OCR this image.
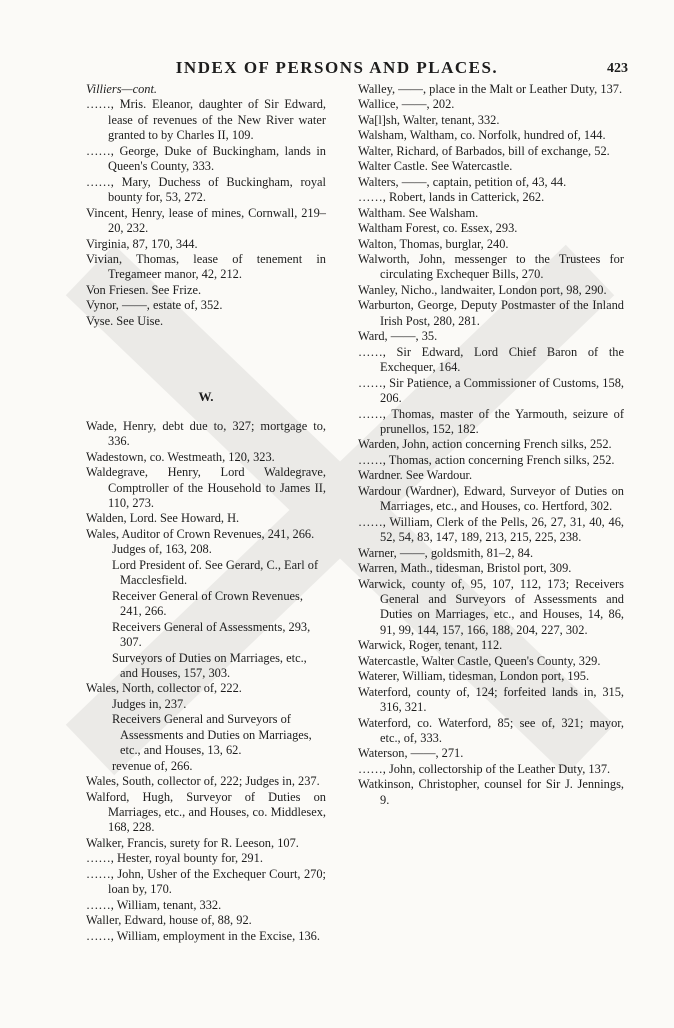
INDEX OF PERSONS AND PLACES.	423
Villiers—cont.
……, Mris. Eleanor, daughter of Sir Edward, lease of revenues of the New River water granted to by Charles II, 109.
……, George, Duke of Buckingham, lands in Queen's County, 333.
……, Mary, Duchess of Buckingham, royal bounty for, 53, 272.
Vincent, Henry, lease of mines, Cornwall, 219–20, 232.
Virginia, 87, 170, 344.
Vivian, Thomas, lease of tenement in Tregameer manor, 42, 212.
Von Friesen. See Frize.
Vynor, ——, estate of, 352.
Vyse. See Uise.
W.
Wade, Henry, debt due to, 327; mortgage to, 336.
Wadestown, co. Westmeath, 120, 323.
Waldegrave, Henry, Lord Waldegrave, Comptroller of the Household to James II, 110, 273.
Walden, Lord. See Howard, H.
Wales, Auditor of Crown Revenues, 241, 266.
Judges of, 163, 208.
Lord President of. See Gerard, C., Earl of Macclesfield.
Receiver General of Crown Revenues, 241, 266.
Receivers General of Assessments, 293, 307.
Surveyors of Duties on Marriages, etc., and Houses, 157, 303.
Wales, North, collector of, 222.
Judges in, 237.
Receivers General and Surveyors of Assessments and Duties on Marriages, etc., and Houses, 13, 62.
revenue of, 266.
Wales, South, collector of, 222; Judges in, 237.
Walford, Hugh, Surveyor of Duties on Marriages, etc., and Houses, co. Middlesex, 168, 228.
Walker, Francis, surety for R. Leeson, 107.
……, Hester, royal bounty for, 291.
……, John, Usher of the Exchequer Court, 270; loan by, 170.
……, William, tenant, 332.
Waller, Edward, house of, 88, 92.
……, William, employment in the Excise, 136.
Walley, ——, place in the Malt or Leather Duty, 137.
Wallice, ——, 202.
Wa[l]sh, Walter, tenant, 332.
Walsham, Waltham, co. Norfolk, hundred of, 144.
Walter, Richard, of Barbados, bill of exchange, 52.
Walter Castle. See Watercastle.
Walters, ——, captain, petition of, 43, 44.
……, Robert, lands in Catterick, 262.
Waltham. See Walsham.
Waltham Forest, co. Essex, 293.
Walton, Thomas, burglar, 240.
Walworth, John, messenger to the Trustees for circulating Exchequer Bills, 270.
Wanley, Nicho., landwaiter, London port, 98, 290.
Warburton, George, Deputy Postmaster of the Inland Irish Post, 280, 281.
Ward, ——, 35.
……, Sir Edward, Lord Chief Baron of the Exchequer, 164.
……, Sir Patience, a Commissioner of Customs, 158, 206.
……, Thomas, master of the Yarmouth, seizure of prunellos, 152, 182.
Warden, John, action concerning French silks, 252.
……, Thomas, action concerning French silks, 252.
Wardner. See Wardour.
Wardour (Wardner), Edward, Surveyor of Duties on Marriages, etc., and Houses, co. Hertford, 302.
……, William, Clerk of the Pells, 26, 27, 31, 40, 46, 52, 54, 83, 147, 189, 213, 215, 225, 238.
Warner, ——, goldsmith, 81–2, 84.
Warren, Math., tidesman, Bristol port, 309.
Warwick, county of, 95, 107, 112, 173; Receivers General and Surveyors of Assessments and Duties on Marriages, etc., and Houses, 14, 86, 91, 99, 144, 157, 166, 188, 204, 227, 302.
Warwick, Roger, tenant, 112.
Watercastle, Walter Castle, Queen's County, 329.
Waterer, William, tidesman, London port, 195.
Waterford, county of, 124; forfeited lands in, 315, 316, 321.
Waterford, co. Waterford, 85; see of, 321; mayor, etc., of, 333.
Waterson, ——, 271.
……, John, collectorship of the Leather Duty, 137.
Watkinson, Christopher, counsel for Sir J. Jennings, 9.
